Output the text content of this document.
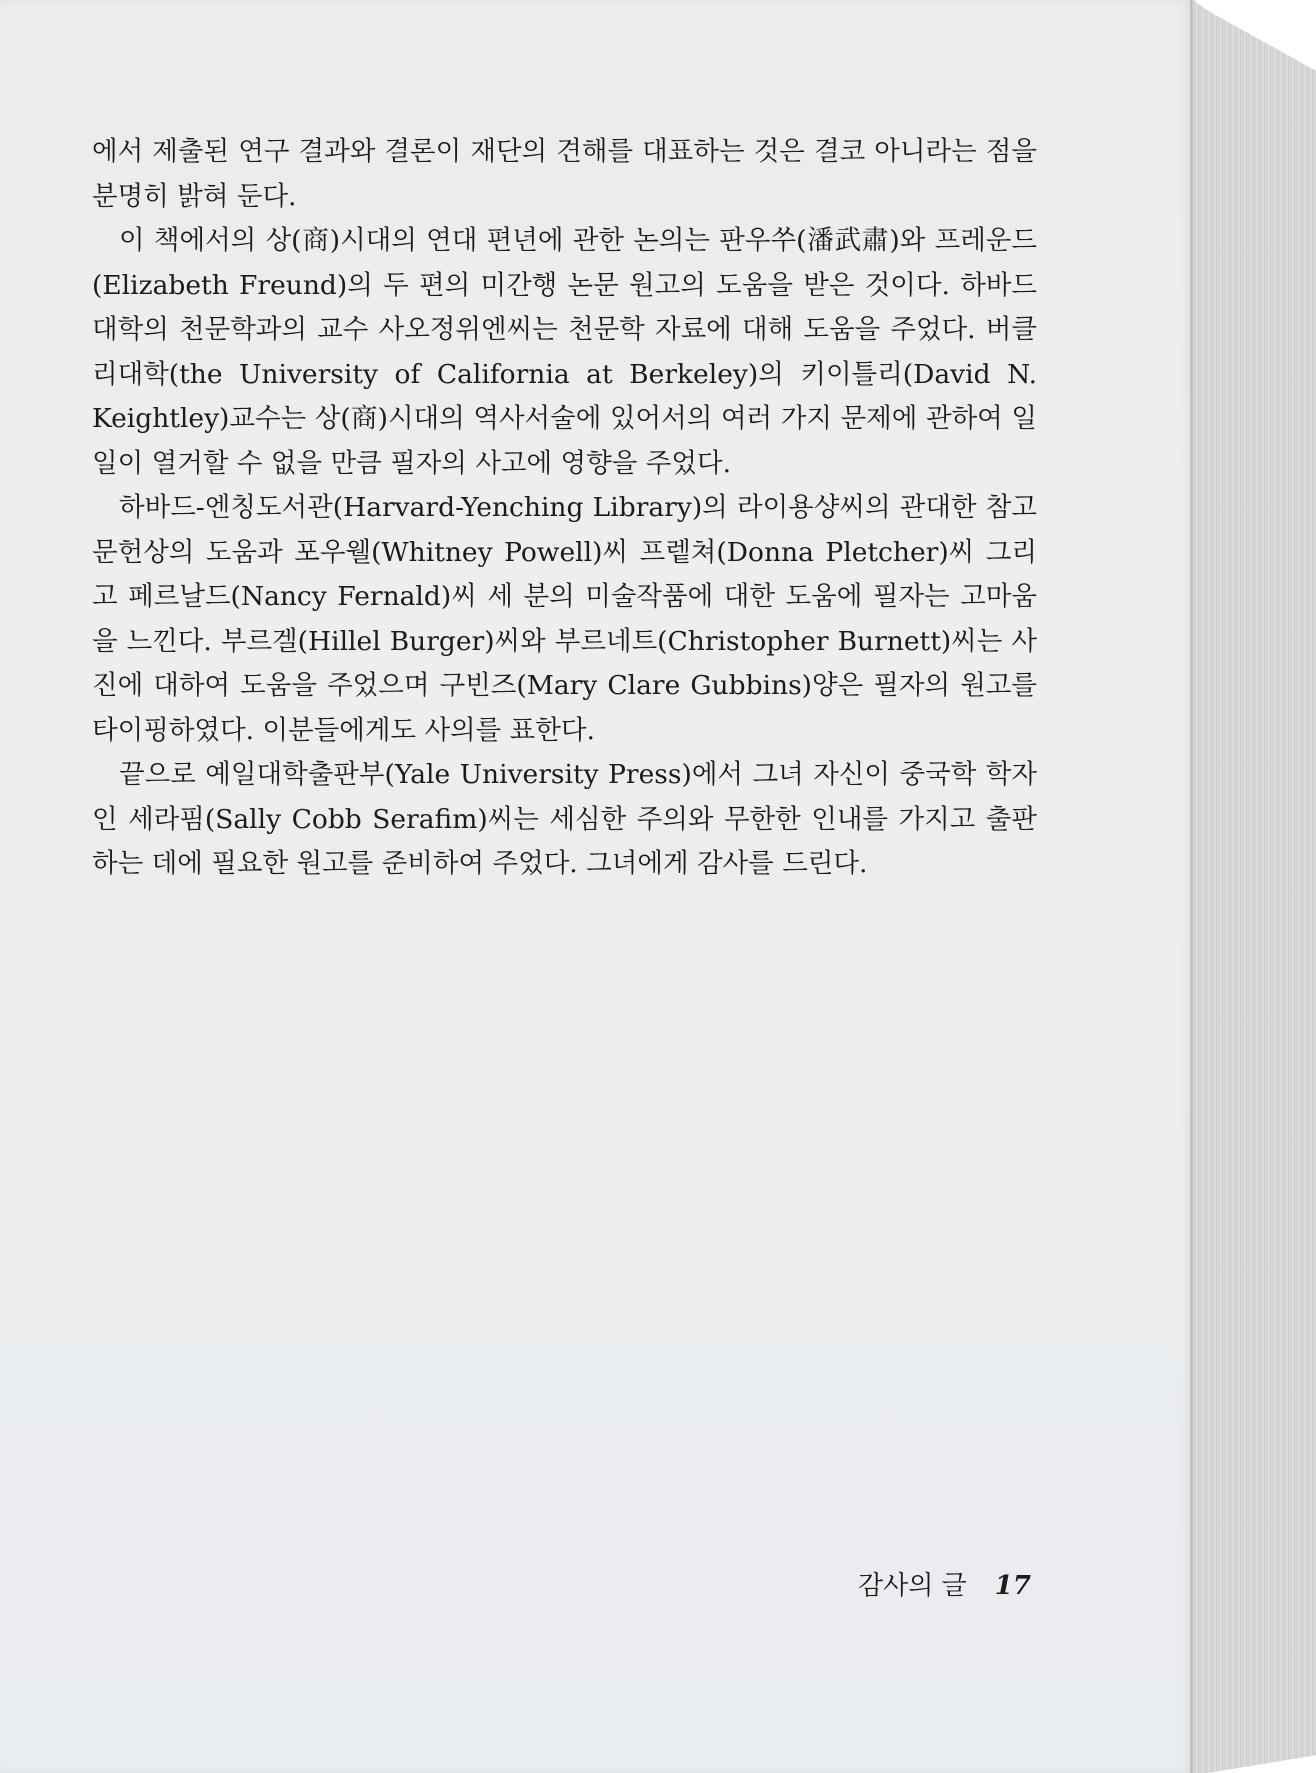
에서 제출된 연구 결과와 결론이 재단의 견해를 대표하는 것은 결코 아니라는 점을 분명히 밝혀 둔다.

이 책에서의 상(商)시대의 연대 편년에 관한 논의는 판우쑤(潘武肅)와 프레운드(Elizabeth Freund)의 두 편의 미간행 논문 원고의 도움을 받은 것이다. 하바드대학의 천문학과의 교수 사오정위엔씨는 천문학 자료에 대해 도움을 주었다. 버클리대학(the University of California at Berkeley)의 키이틀리(David N. Keightley)교수는 상(商)시대의 역사서술에 있어서의 여러 가지 문제에 관하여 일일이 열거할 수 없을 만큼 필자의 사고에 영향을 주었다.

하바드-엔칭도서관(Harvard-Yenching Library)의 라이용샹씨의 관대한 참고문헌상의 도움과 포우웰(Whitney Powell)씨 프렡쳐(Donna Pletcher)씨 그리고 페르날드(Nancy Fernald)씨 세 분의 미술작품에 대한 도움에 필자는 고마움을 느낀다. 부르겔(Hillel Burger)씨와 부르네트(Christopher Burnett)씨는 사진에 대하여 도움을 주었으며 구빈즈(Mary Clare Gubbins)양은 필자의 원고를 타이핑하였다. 이분들에게도 사의를 표한다.

끝으로 예일대학출판부(Yale University Press)에서 그녀 자신이 중국학 학자인 세라핌(Sally Cobb Serafim)씨는 세심한 주의와 무한한 인내를 가지고 출판하는 데에 필요한 원고를 준비하여 주었다. 그녀에게 감사를 드린다.

감사의 글 17
